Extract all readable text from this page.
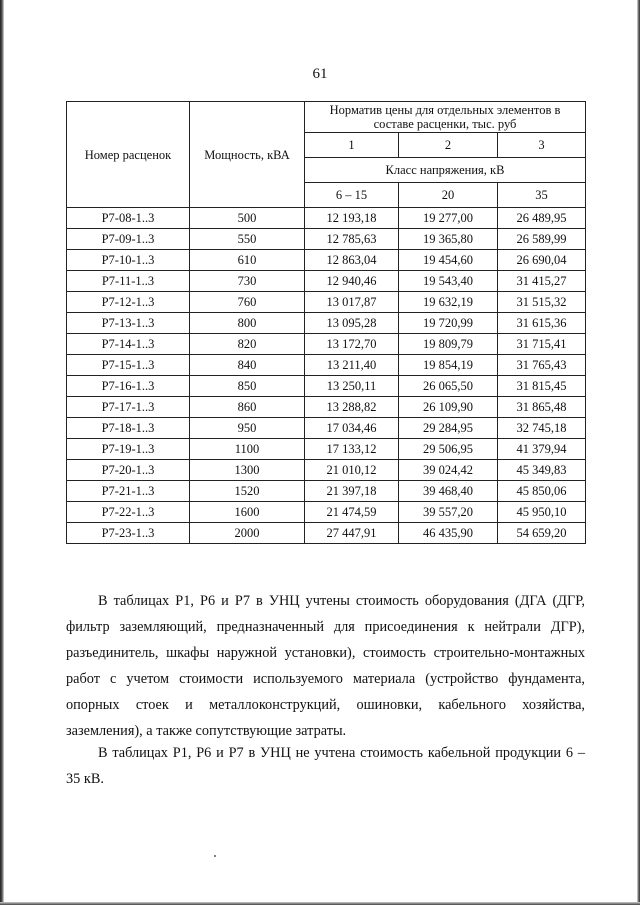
61
Номер расценок	Мощность, кВА	Норматив цены для отдельных элементов в составе расценки, тыс. руб		
		1	2	3
		Класс напряжения, кВ		
		6 – 15	20	35
Р7-08-1..3	500	12 193,18	19 277,00	26 489,95
Р7-09-1..3	550	12 785,63	19 365,80	26 589,99
Р7-10-1..3	610	12 863,04	19 454,60	26 690,04
Р7-11-1..3	730	12 940,46	19 543,40	31 415,27
Р7-12-1..3	760	13 017,87	19 632,19	31 515,32
Р7-13-1..3	800	13 095,28	19 720,99	31 615,36
Р7-14-1..3	820	13 172,70	19 809,79	31 715,41
Р7-15-1..3	840	13 211,40	19 854,19	31 765,43
Р7-16-1..3	850	13 250,11	26 065,50	31 815,45
Р7-17-1..3	860	13 288,82	26 109,90	31 865,48
Р7-18-1..3	950	17 034,46	29 284,95	32 745,18
Р7-19-1..3	1100	17 133,12	29 506,95	41 379,94
Р7-20-1..3	1300	21 010,12	39 024,42	45 349,83
Р7-21-1..3	1520	21 397,18	39 468,40	45 850,06
Р7-22-1..3	1600	21 474,59	39 557,20	45 950,10
Р7-23-1..3	2000	27 447,91	46 435,90	54 659,20
В таблицах Р1, Р6 и Р7 в УНЦ учтены стоимость оборудования (ДГА (ДГР, фильтр заземляющий, предназначенный для присоединения к нейтрали ДГР), разъединитель, шкафы наружной установки), стоимость строительно-монтажных работ с учетом стоимости используемого материала (устройство фундамента, опорных стоек и металлоконструкций, ошиновки, кабельного хозяйства, заземления), а также сопутствующие затраты.
В таблицах Р1, Р6 и Р7 в УНЦ не учтена стоимость кабельной продукции 6 – 35 кВ.
